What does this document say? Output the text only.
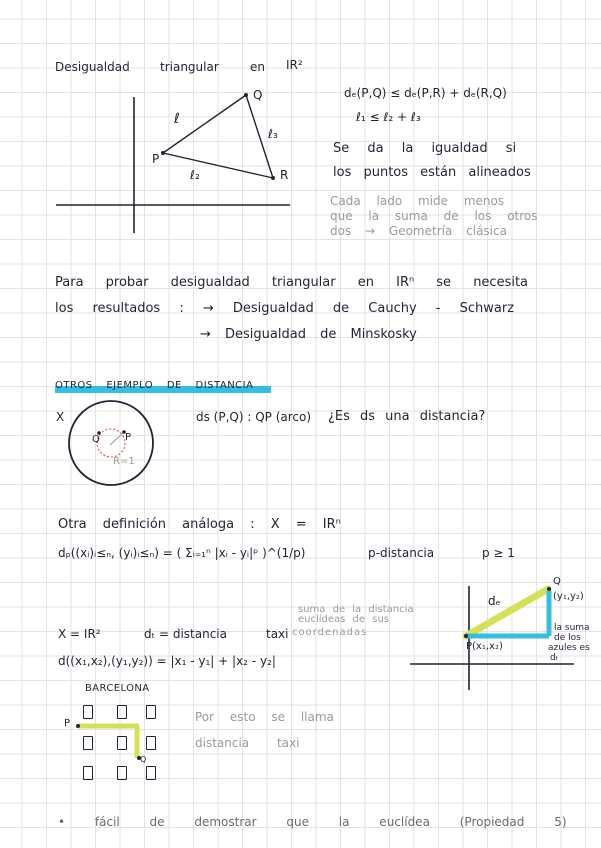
Desigualdad	triangular	en IR²
Q
P
R
ℓ
ℓ₂
ℓ₃
dₑ(P,Q) ≤ dₑ(P,R) + dₑ(R,Q)
ℓ₁ ≤ ℓ₂ + ℓ₃
Se da la igualdad si
los puntos están alineados
Cada lado mide menos
que la suma de los otros
dos → Geometría clásica
Para probar desigualdad triangular en IRⁿ se necesita
los resultados : → Desigualdad de Cauchy - Schwarz
→ Desigualdad de Minskosky
OTROS EJEMPLO DE DISTANCIA
X
Q	P
R=1
ds (P,Q) : QP (arco) ¿Es ds una distancia?
Otra definición análoga : X = IRⁿ
dₚ((xᵢ)ᵢ≤ₙ, (yᵢ)ᵢ≤ₙ) = ( Σᵢ₌₁ⁿ |xᵢ - yᵢ|ᵖ )^(1/p)	p-distancia	p ≥ 1
suma de la distancia
euclídeas de sus
coordenadas
X = IR²	dₜ = distancia	taxi
d((x₁,x₂),(y₁,y₂)) = |x₁ - y₁| + |x₂ - y₂|
dₑ
Q
(y₁,y₂)
P(x₁,x₂)
la suma
de los
azules es
dₜ
BARCELONA
P
Q
Por esto se llama
distancia taxi
• fácil de demostrar que la euclídea (Propiedad 5)
